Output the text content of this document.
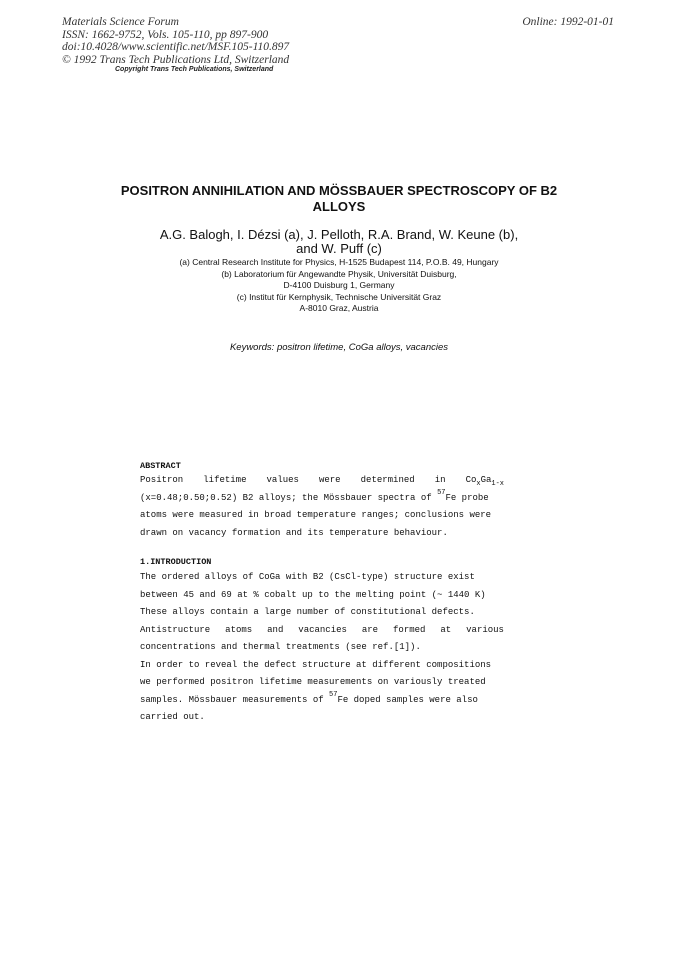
Materials Science Forum
ISSN: 1662-9752, Vols. 105-110, pp 897-900
doi:10.4028/www.scientific.net/MSF.105-110.897
© 1992 Trans Tech Publications Ltd, Switzerland
Online: 1992-01-01
Copyright Trans Tech Publications, Switzerland
POSITRON ANNIHILATION AND MÖSSBAUER SPECTROSCOPY OF B2
ALLOYS
A.G. Balogh, I. Dézsi (a), J. Pelloth, R.A. Brand, W. Keune (b),
and W. Puff (c)
(a) Central Research Institute for Physics, H-1525 Budapest 114, P.O.B. 49, Hungary
(b) Laboratorium für Angewandte Physik, Universität Duisburg,
D-4100 Duisburg 1, Germany
(c) Institut für Kernphysik, Technische Universität Graz
A-8010 Graz, Austria
Keywords: positron lifetime, CoGa alloys, vacancies
ABSTRACT
Positron lifetime values were determined in $Co_xGa_{1-x}$
(x=0.48;0.50;0.52) B2 alloys; the Mössbauer spectra of $^{57}$Fe probe
atoms were measured in broad temperature ranges; conclusions were
drawn on vacancy formation and its temperature behaviour.
1.INTRODUCTION
The ordered alloys of CoGa with B2 (CsCl-type) structure exist
between 45 and 69 at % cobalt up to the melting point (~ 1440 K)
These alloys contain a large number of constitutional defects.
Antistructure atoms and vacancies are formed at various
concentrations and thermal treatments (see ref.[1]).
In order to reveal the defect structure at different compositions
we performed positron lifetime measurements on variously treated
samples. Mössbauer measurements of $^{57}$Fe doped samples were also
carried out.
